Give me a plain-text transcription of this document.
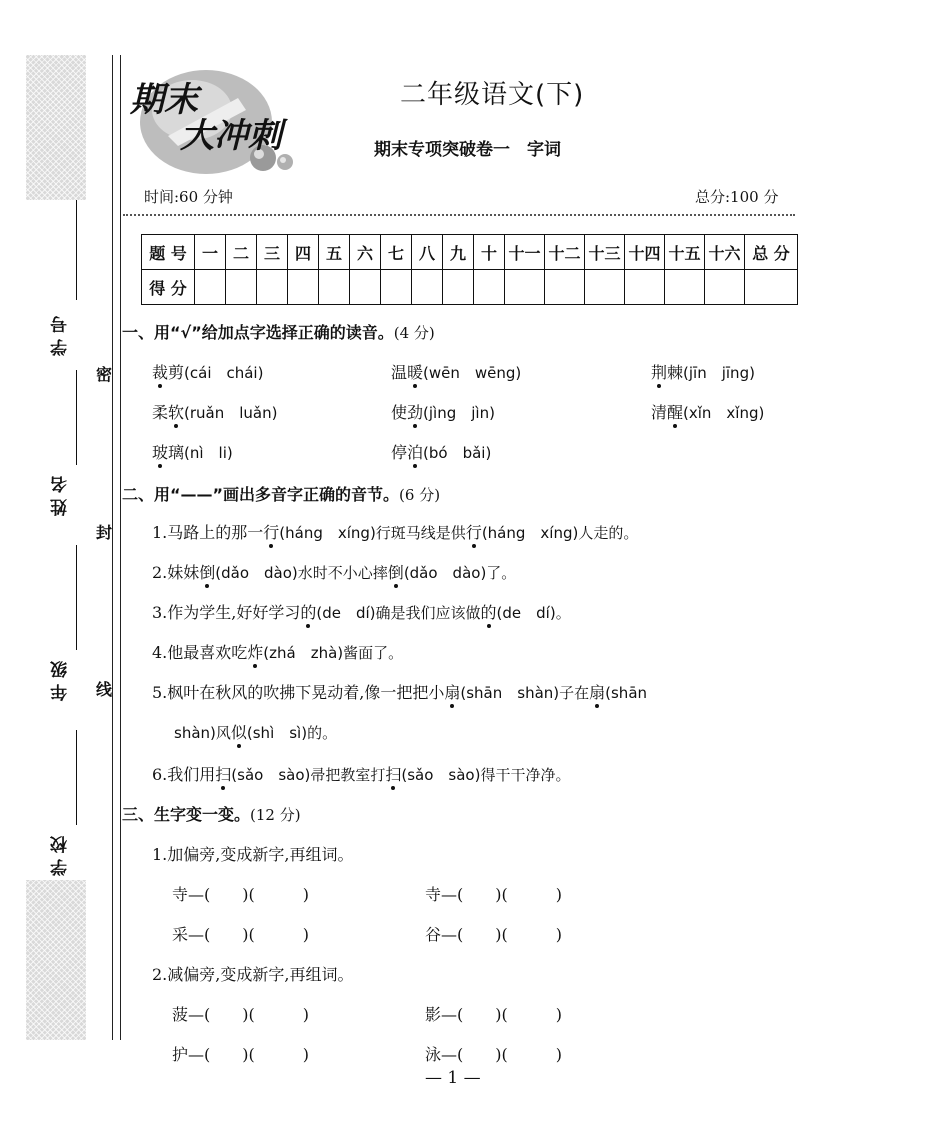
学号
姓名
年级
学校
密
封
线
期末
大冲刺
二年级语文(下)
期末专项突破卷一　字词
时间:60 分钟	总分:100 分
题 号	一	二	三	四	五	六	七	八	九	十	十一	十二	十三	十四	十五	十六	总 分
得 分																	
一、用“√”给加点字选择正确的读音。(4 分)
裁剪(cái　chái)	温暖(wēn　wēng)	荆棘(jīn　jīng)
柔软(ruǎn　luǎn)	使劲(jìng　jìn)	清醒(xǐn　xǐng)
玻璃(nì　li)	停泊(bó　bǎi)
二、用“——”画出多音字正确的音节。(6 分)
1.马路上的那一行(háng　xíng)行斑马线是供行(háng　xíng)人走的。
2.妹妹倒(dǎo　dào)水时不小心摔倒(dǎo　dào)了。
3.作为学生,好好学习的(de　dí)确是我们应该做的(de　dí)。
4.他最喜欢吃炸(zhá　zhà)酱面了。
5.枫叶在秋风的吹拂下晃动着,像一把把小扇(shān　shàn)子在扇(shān
shàn)风似(shì　sì)的。
6.我们用扫(sǎo　sào)帚把教室打扫(sǎo　sào)得干干净净。
三、生字变一变。(12 分)
1.加偏旁,变成新字,再组词。
寺—(　　)(　　　)	寺—(　　)(　　　)
采—(　　)(　　　)	谷—(　　)(　　　)
2.减偏旁,变成新字,再组词。
菠—(　　)(　　　)	影—(　　)(　　　)
护—(　　)(　　　)	泳—(　　)(　　　)
— 1 —
